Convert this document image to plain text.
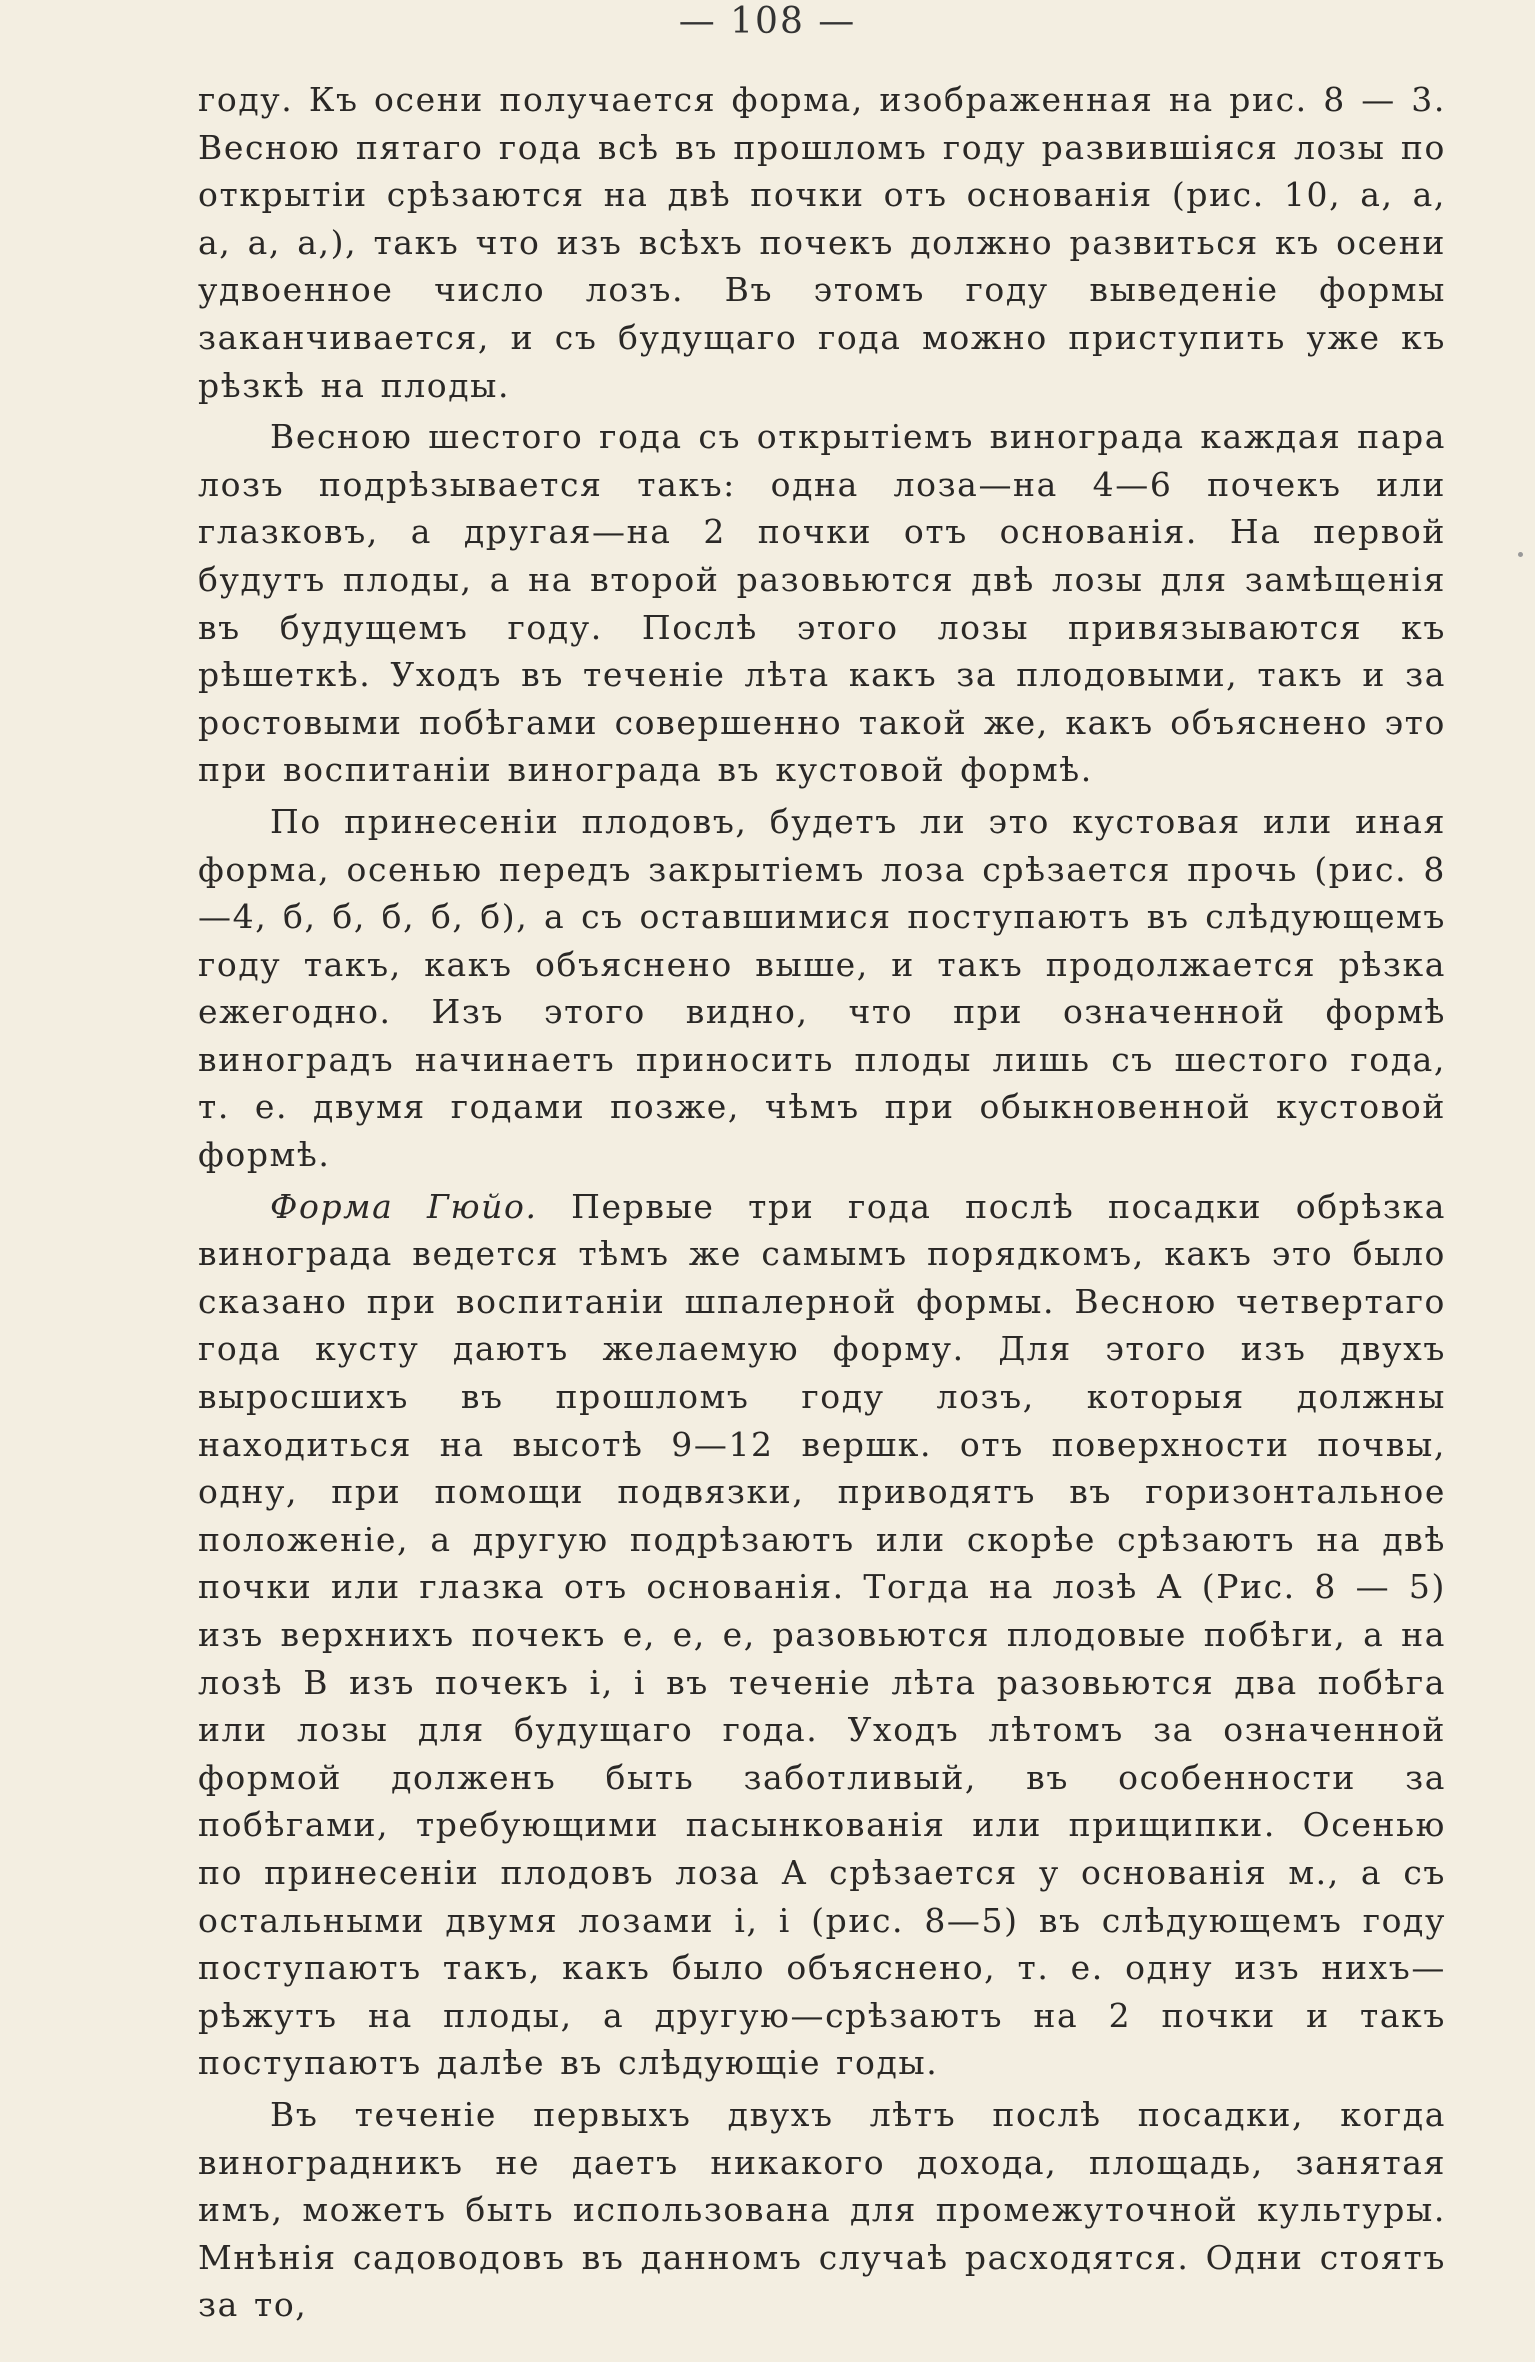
— 108 —

году. Къ осени получается форма, изображенная на рис. 8 — 3. Весною пятаго года всѣ въ прошломъ году развившіяся лозы по открытіи срѣзаются на двѣ почки отъ основанія (рис. 10, а, а, а, а, а,), такъ что изъ всѣхъ почекъ должно развиться къ осени удвоенное число лозъ. Въ этомъ году выведеніе формы заканчивается, и съ будущаго года можно приступить уже къ рѣзкѣ на плоды.

Весною шестого года съ открытіемъ винограда каждая пара лозъ подрѣзывается такъ: одна лоза—на 4—6 почекъ или глазковъ, а другая—на 2 почки отъ основанія. На первой будутъ плоды, а на второй разовьются двѣ лозы для замѣщенія въ будущемъ году. Послѣ этого лозы привязываются къ рѣшеткѣ. Уходъ въ теченіе лѣта какъ за плодовыми, такъ и за ростовыми побѣгами совершенно такой же, какъ объяснено это при воспитаніи винограда въ кустовой формѣ.

По принесеніи плодовъ, будетъ ли это кустовая или иная форма, осенью передъ закрытіемъ лоза срѣзается прочь (рис. 8—4, б, б, б, б, б), а съ оставшимися поступаютъ въ слѣдующемъ году такъ, какъ объяснено выше, и такъ продолжается рѣзка ежегодно. Изъ этого видно, что при означенной формѣ виноградъ начинаетъ приносить плоды лишь съ шестого года, т. е. двумя годами позже, чѣмъ при обыкновенной кустовой формѣ.

Форма Гюйо. Первые три года послѣ посадки обрѣзка винограда ведется тѣмъ же самымъ порядкомъ, какъ это было сказано при воспитаніи шпалерной формы. Весною четвертаго года кусту даютъ желаемую форму. Для этого изъ двухъ выросшихъ въ прошломъ году лозъ, которыя должны находиться на высотѣ 9—12 вершк. отъ поверхности почвы, одну, при помощи подвязки, приводятъ въ горизонтальное положеніе, а другую подрѣзаютъ или скорѣе срѣзаютъ на двѣ почки или глазка отъ основанія. Тогда на лозѣ А (Рис. 8 — 5) изъ верхнихъ почекъ е, е, е, разовьются плодовые побѣги, а на лозѣ В изъ почекъ і, і въ теченіе лѣта разовьются два побѣга или лозы для будущаго года. Уходъ лѣтомъ за означенной формой долженъ быть заботливый, въ особенности за побѣгами, требующими пасынкованія или прищипки. Осенью по принесеніи плодовъ лоза А срѣзается у основанія м., а съ остальными двумя лозами і, і (рис. 8—5) въ слѣдующемъ году поступаютъ такъ, какъ было объяснено, т. е. одну изъ нихъ—рѣжутъ на плоды, а другую—срѣзаютъ на 2 почки и такъ поступаютъ далѣе въ слѣдующіе годы.

Въ теченіе первыхъ двухъ лѣтъ послѣ посадки, когда виноградникъ не даетъ никакого дохода, площадь, занятая имъ, можетъ быть использована для промежуточной культуры. Мнѣнія садоводовъ въ данномъ случаѣ расходятся. Одни стоятъ за то,
